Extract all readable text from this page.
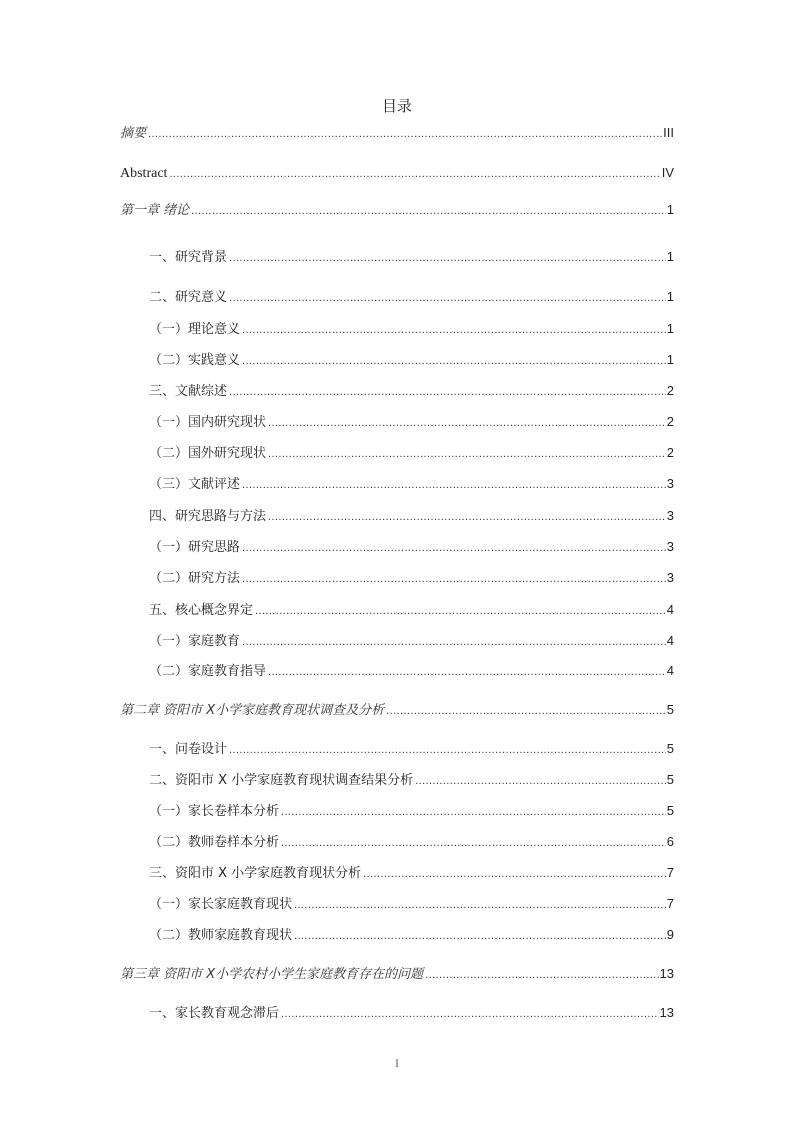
目录
摘要 .....	III
Abstract .....	IV
第一章 绪论 .....	1
一、研究背景 .....	1
二、研究意义 .....	1
（一）理论意义 .....	1
（二）实践意义 .....	1
三、文献综述 .....	2
（一）国内研究现状 .....	2
（二）国外研究现状 .....	2
（三）文献评述 .....	3
四、研究思路与方法 .....	3
（一）研究思路 .....	3
（二）研究方法 .....	3
五、核心概念界定 .....	4
（一）家庭教育 .....	4
（二）家庭教育指导 .....	4
第二章 资阳市 X小学家庭教育现状调查及分析 .....	5
一、问卷设计 .....	5
二、资阳市 X 小学家庭教育现状调查结果分析 .....	5
（一）家长卷样本分析 .....	5
（二）教师卷样本分析 .....	6
三、资阳市 X 小学家庭教育现状分析 .....	7
（一）家长家庭教育现状 .....	7
（二）教师家庭教育现状 .....	9
第三章 资阳市 X小学农村小学生家庭教育存在的问题 .....	13
一、家长教育观念滞后 .....	13
I
